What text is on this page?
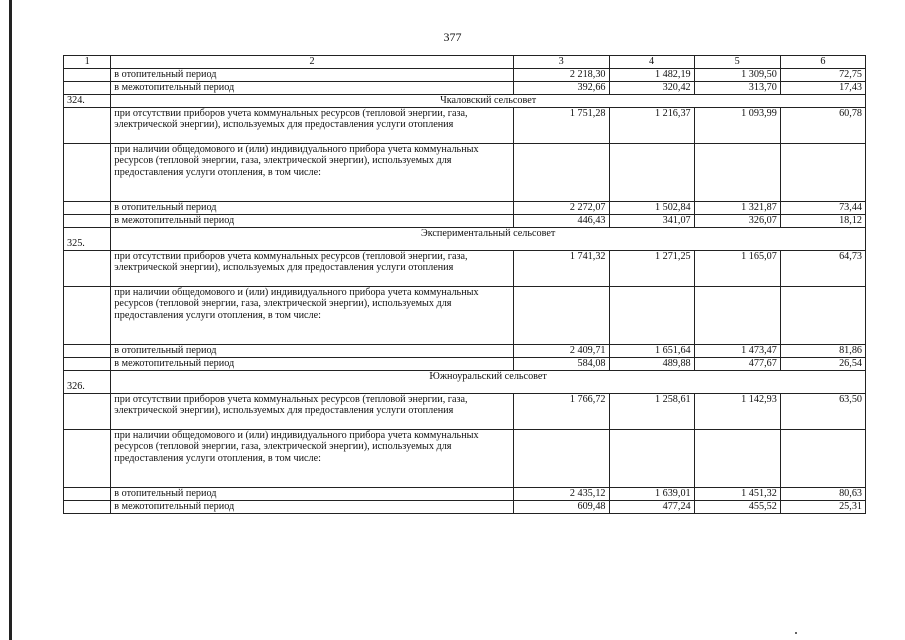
377
1	2	3	4	5	6
	в отопительный период	2 218,30	1 482,19	1 309,50	72,75
	в межотопительный период	392,66	320,42	313,70	17,43
324.	Чкаловский сельсовет				
	при отсутствии приборов учета коммунальных ресурсов (тепловой энергии, газа, электрической энергии), используемых для предоставления услуги отопления	1 751,28	1 216,37	1 093,99	60,78
	при наличии общедомового и (или) индивидуального прибора учета коммунальных ресурсов (тепловой энергии, газа, электрической энергии), используемых для предоставления услуги отопления, в том числе:				
	в отопительный период	2 272,07	1 502,84	1 321,87	73,44
	в межотопительный период	446,43	341,07	326,07	18,12
325.	Экспериментальный сельсовет				
	при отсутствии приборов учета коммунальных ресурсов (тепловой энергии, газа, электрической энергии), используемых для предоставления услуги отопления	1 741,32	1 271,25	1 165,07	64,73
	при наличии общедомового и (или) индивидуального прибора учета коммунальных ресурсов (тепловой энергии, газа, электрической энергии), используемых для предоставления услуги отопления, в том числе:				
	в отопительный период	2 409,71	1 651,64	1 473,47	81,86
	в межотопительный период	584,08	489,88	477,67	26,54
326.	Южноуральский сельсовет				
	при отсутствии приборов учета коммунальных ресурсов (тепловой энергии, газа, электрической энергии), используемых для предоставления услуги отопления	1 766,72	1 258,61	1 142,93	63,50
	при наличии общедомового и (или) индивидуального прибора учета коммунальных ресурсов (тепловой энергии, газа, электрической энергии), используемых для предоставления услуги отопления, в том числе:				
	в отопительный период	2 435,12	1 639,01	1 451,32	80,63
	в межотопительный период	609,48	477,24	455,52	25,31
